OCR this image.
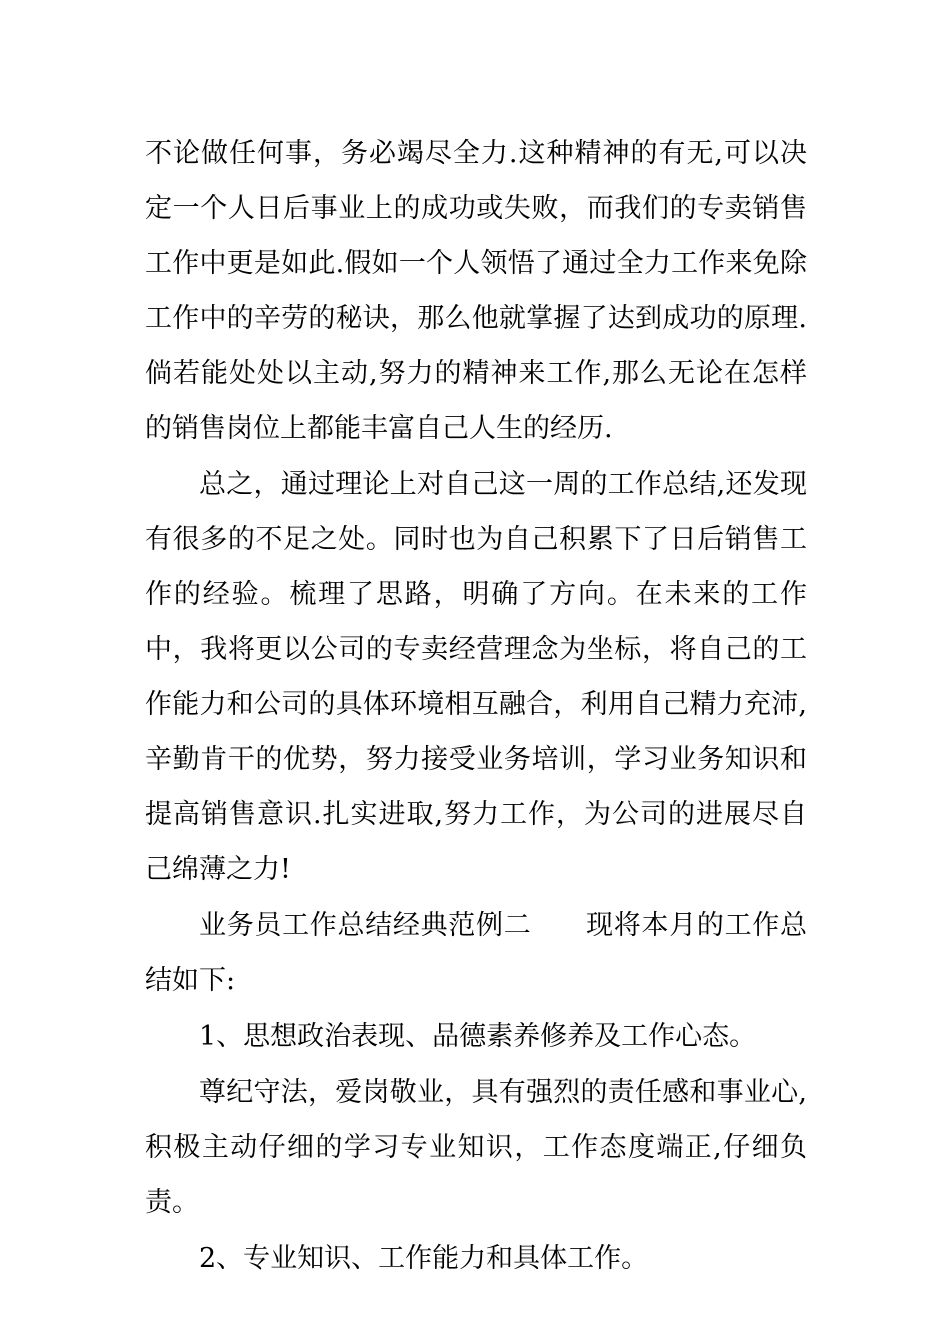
不论做任何事，务必竭尽全力.这种精神的有无,可以决定一个人日后事业上的成功或失败，而我们的专卖销售工作中更是如此.假如一个人领悟了通过全力工作来免除工作中的辛劳的秘诀，那么他就掌握了达到成功的原理.倘若能处处以主动,努力的精神来工作,那么无论在怎样的销售岗位上都能丰富自己人生的经历.

总之，通过理论上对自己这一周的工作总结,还发现有很多的不足之处。同时也为自己积累下了日后销售工作的经验。梳理了思路，明确了方向。在未来的工作中，我将更以公司的专卖经营理念为坐标，将自己的工作能力和公司的具体环境相互融合，利用自己精力充沛,辛勤肯干的优势，努力接受业务培训，学习业务知识和提高销售意识.扎实进取,努力工作，为公司的进展尽自己绵薄之力!

业务员工作总结经典范例二 现将本月的工作总结如下:

1、思想政治表现、品德素养修养及工作心态。

尊纪守法，爱岗敬业，具有强烈的责任感和事业心,积极主动仔细的学习专业知识，工作态度端正,仔细负责。

2、专业知识、工作能力和具体工作。
